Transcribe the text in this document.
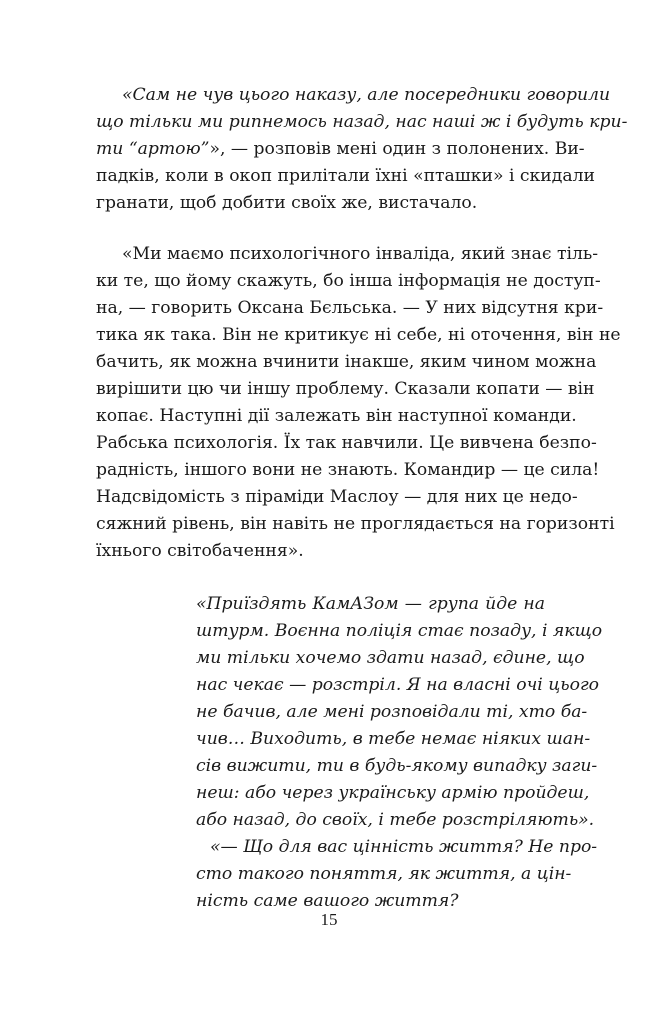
«Сам не чув цього наказу, але посередники говорили
що тільки ми рипнемось назад, нас наші ж і будуть кри-
ти “артою”», — розповів мені один з полонених. Ви-
падків, коли в окоп прилітали їхні «пташки» і скидали
гранати, щоб добити своїх же, вистачало.
«Ми маємо психологічного інваліда, який знає тіль-
ки те, що йому скажуть, бо інша інформація не доступ-
на, — говорить Оксана Бєльська. — У них відсутня кри-
тика як така. Він не критикує ні себе, ні оточення, він не
бачить, як можна вчинити інакше, яким чином можна
вирішити цю чи іншу проблему. Сказали копати — він
копає. Наступні дії залежать він наступної команди.
Рабська психологія. Їх так навчили. Це вивчена безпо-
радність, іншого вони не знають. Командир — це сила!
Надсвідомість з піраміди Маслоу — для них це недо-
сяжний рівень, він навіть не проглядається на горизонті
їхнього світобачення».
«Приїздять КамАЗом — група йде на
штурм. Воєнна поліція стає позаду, і якщо
ми тільки хочемо здати назад, єдине, що
нас чекає — розстріл. Я на власні очі цього
не бачив, але мені розповідали ті, хто ба-
чив… Виходить, в тебе немає ніяких шан-
сів вижити, ти в будь-якому випадку заги-
неш: або через українську армію пройдеш,
або назад, до своїх, і тебе розстріляють».
«— Що для вас цінність життя? Не про-
сто такого поняття, як життя, а цін-
ність саме вашого життя?
15
